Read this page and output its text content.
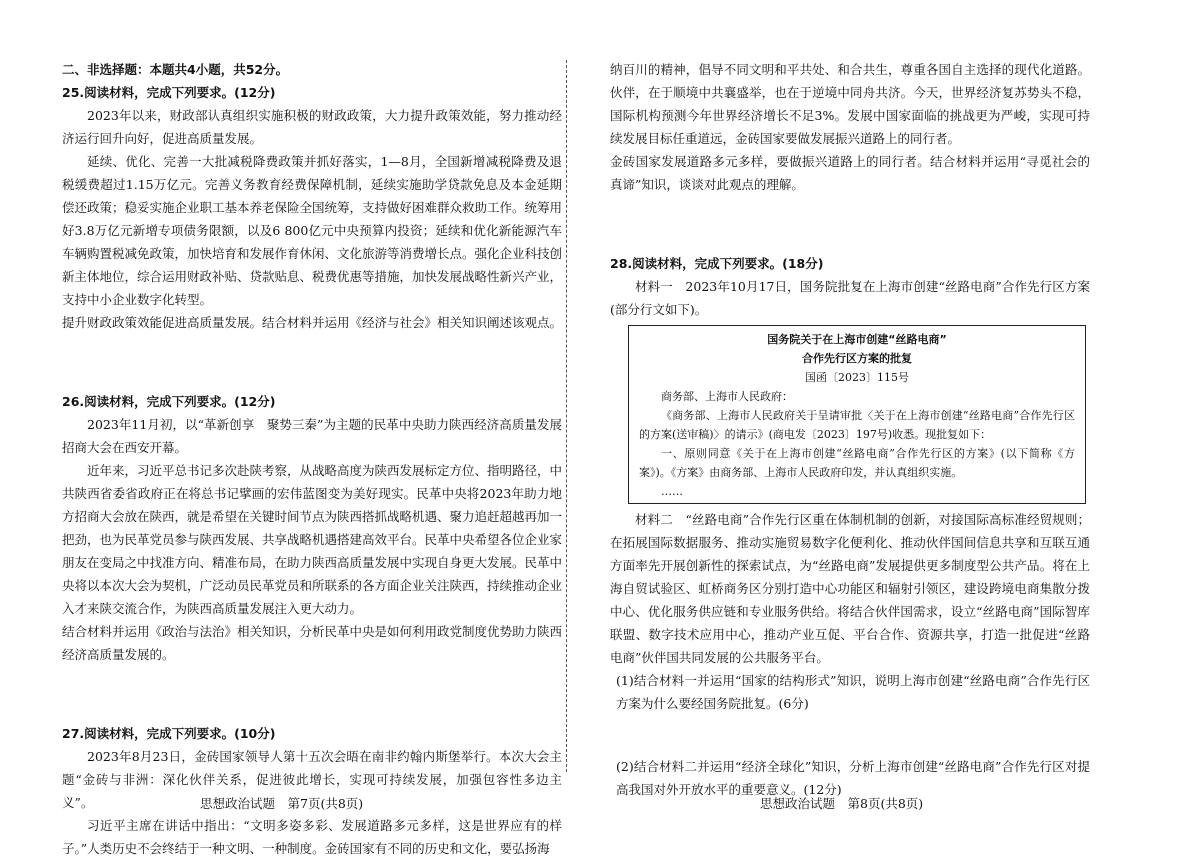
二、非选择题：本题共4小题，共52分。

25.阅读材料，完成下列要求。(12分)

2023年以来，财政部认真组织实施积极的财政政策，大力提升政策效能，努力推动经济运行回升向好，促进高质量发展。

延续、优化、完善一大批减税降费政策并抓好落实，1—8月，全国新增减税降费及退税缓费超过1.15万亿元。完善义务教育经费保障机制，延续实施助学贷款免息及本金延期偿还政策；稳妥实施企业职工基本养老保险全国统筹，支持做好困难群众救助工作。统筹用好3.8万亿元新增专项债务限额，以及6 800亿元中央预算内投资；延续和优化新能源汽车车辆购置税减免政策，加快培育和发展作育休闲、文化旅游等消费增长点。强化企业科技创新主体地位，综合运用财政补贴、贷款贴息、税费优惠等措施，加快发展战略性新兴产业，支持中小企业数字化转型。

提升财政政策效能促进高质量发展。结合材料并运用《经济与社会》相关知识阐述该观点。

26.阅读材料，完成下列要求。(12分)

2023年11月初，以“革新创享　聚势三秦”为主题的民革中央助力陕西经济高质量发展招商大会在西安开幕。

近年来，习近平总书记多次赴陕考察，从战略高度为陕西发展标定方位、指明路径，中共陕西省委省政府正在将总书记擘画的宏伟蓝图变为美好现实。民革中央将2023年助力地方招商大会放在陕西，就是希望在关键时间节点为陕西搭抓战略机遇、聚力追赶超越再加一把劲，也为民革党员参与陕西发展、共享战略机遇搭建高效平台。民革中央希望各位企业家朋友在变局之中找准方向、精准布局，在助力陕西高质量发展中实现自身更大发展。民革中央将以本次大会为契机，广泛动员民革党员和所联系的各方面企业关注陕西，持续推动企业入才来陕交流合作，为陕西高质量发展注入更大动力。

结合材料并运用《政治与法治》相关知识，分析民革中央是如何利用政党制度优势助力陕西经济高质量发展的。

27.阅读材料，完成下列要求。(10分)

2023年8月23日，金砖国家领导人第十五次会晤在南非约翰内斯堡举行。本次大会主题“金砖与非洲：深化伙伴关系，促进彼此增长，实现可持续发展，加强包容性多边主义”。

习近平主席在讲话中指出：“文明多姿多彩、发展道路多元多样，这是世界应有的样子。”人类历史不会终结于一种文明、一种制度。金砖国家有不同的历史和文化，要弘扬海

纳百川的精神，倡导不同文明和平共处、和合共生，尊重各国自主选择的现代化道路。伙伴，在于顺境中共襄盛举，也在于逆境中同舟共济。今天，世界经济复苏势头不稳，国际机构预测今年世界经济增长不足3%。发展中国家面临的挑战更为严峻，实现可持续发展目标任重道远，金砖国家要做发展振兴道路上的同行者。

金砖国家发展道路多元多样，要做振兴道路上的同行者。结合材料并运用“寻觅社会的真谛”知识，谈谈对此观点的理解。

28.阅读材料，完成下列要求。(18分)

材料一　2023年10月17日，国务院批复在上海市创建“丝路电商”合作先行区方案(部分行文如下)。

国务院关于在上海市创建“丝路电商”

合作先行区方案的批复

国函〔2023〕115号

商务部、上海市人民政府：

《商务部、上海市人民政府关于呈请审批〈关于在上海市创建“丝路电商”合作先行区的方案(送审稿)〉的请示》(商电发〔2023〕197号)收悉。现批复如下：

一、原则同意《关于在上海市创建“丝路电商”合作先行区的方案》(以下简称《方案》)。《方案》由商务部、上海市人民政府印发，并认真组织实施。

……

材料二　“丝路电商”合作先行区重在体制机制的创新，对接国际高标准经贸规则；在拓展国际数据服务、推动实施贸易数字化便利化、推动伙伴国间信息共享和互联互通方面率先开展创新性的探索试点，为“丝路电商”发展提供更多制度型公共产品。将在上海自贸试验区、虹桥商务区分别打造中心功能区和辐射引领区，建设跨境电商集散分拨中心、优化服务供应链和专业服务供给。将结合伙伴国需求，设立“丝路电商”国际智库联盟、数字技术应用中心，推动产业互促、平台合作、资源共享，打造一批促进“丝路电商”伙伴国共同发展的公共服务平台。

(1)结合材料一并运用“国家的结构形式”知识，说明上海市创建“丝路电商”合作先行区方案为什么要经国务院批复。(6分)

(2)结合材料二并运用“经济全球化”知识，分析上海市创建“丝路电商”合作先行区对提高我国对外开放水平的重要意义。(12分)

思想政治试题　第7页(共8页)	思想政治试题　第8页(共8页)
